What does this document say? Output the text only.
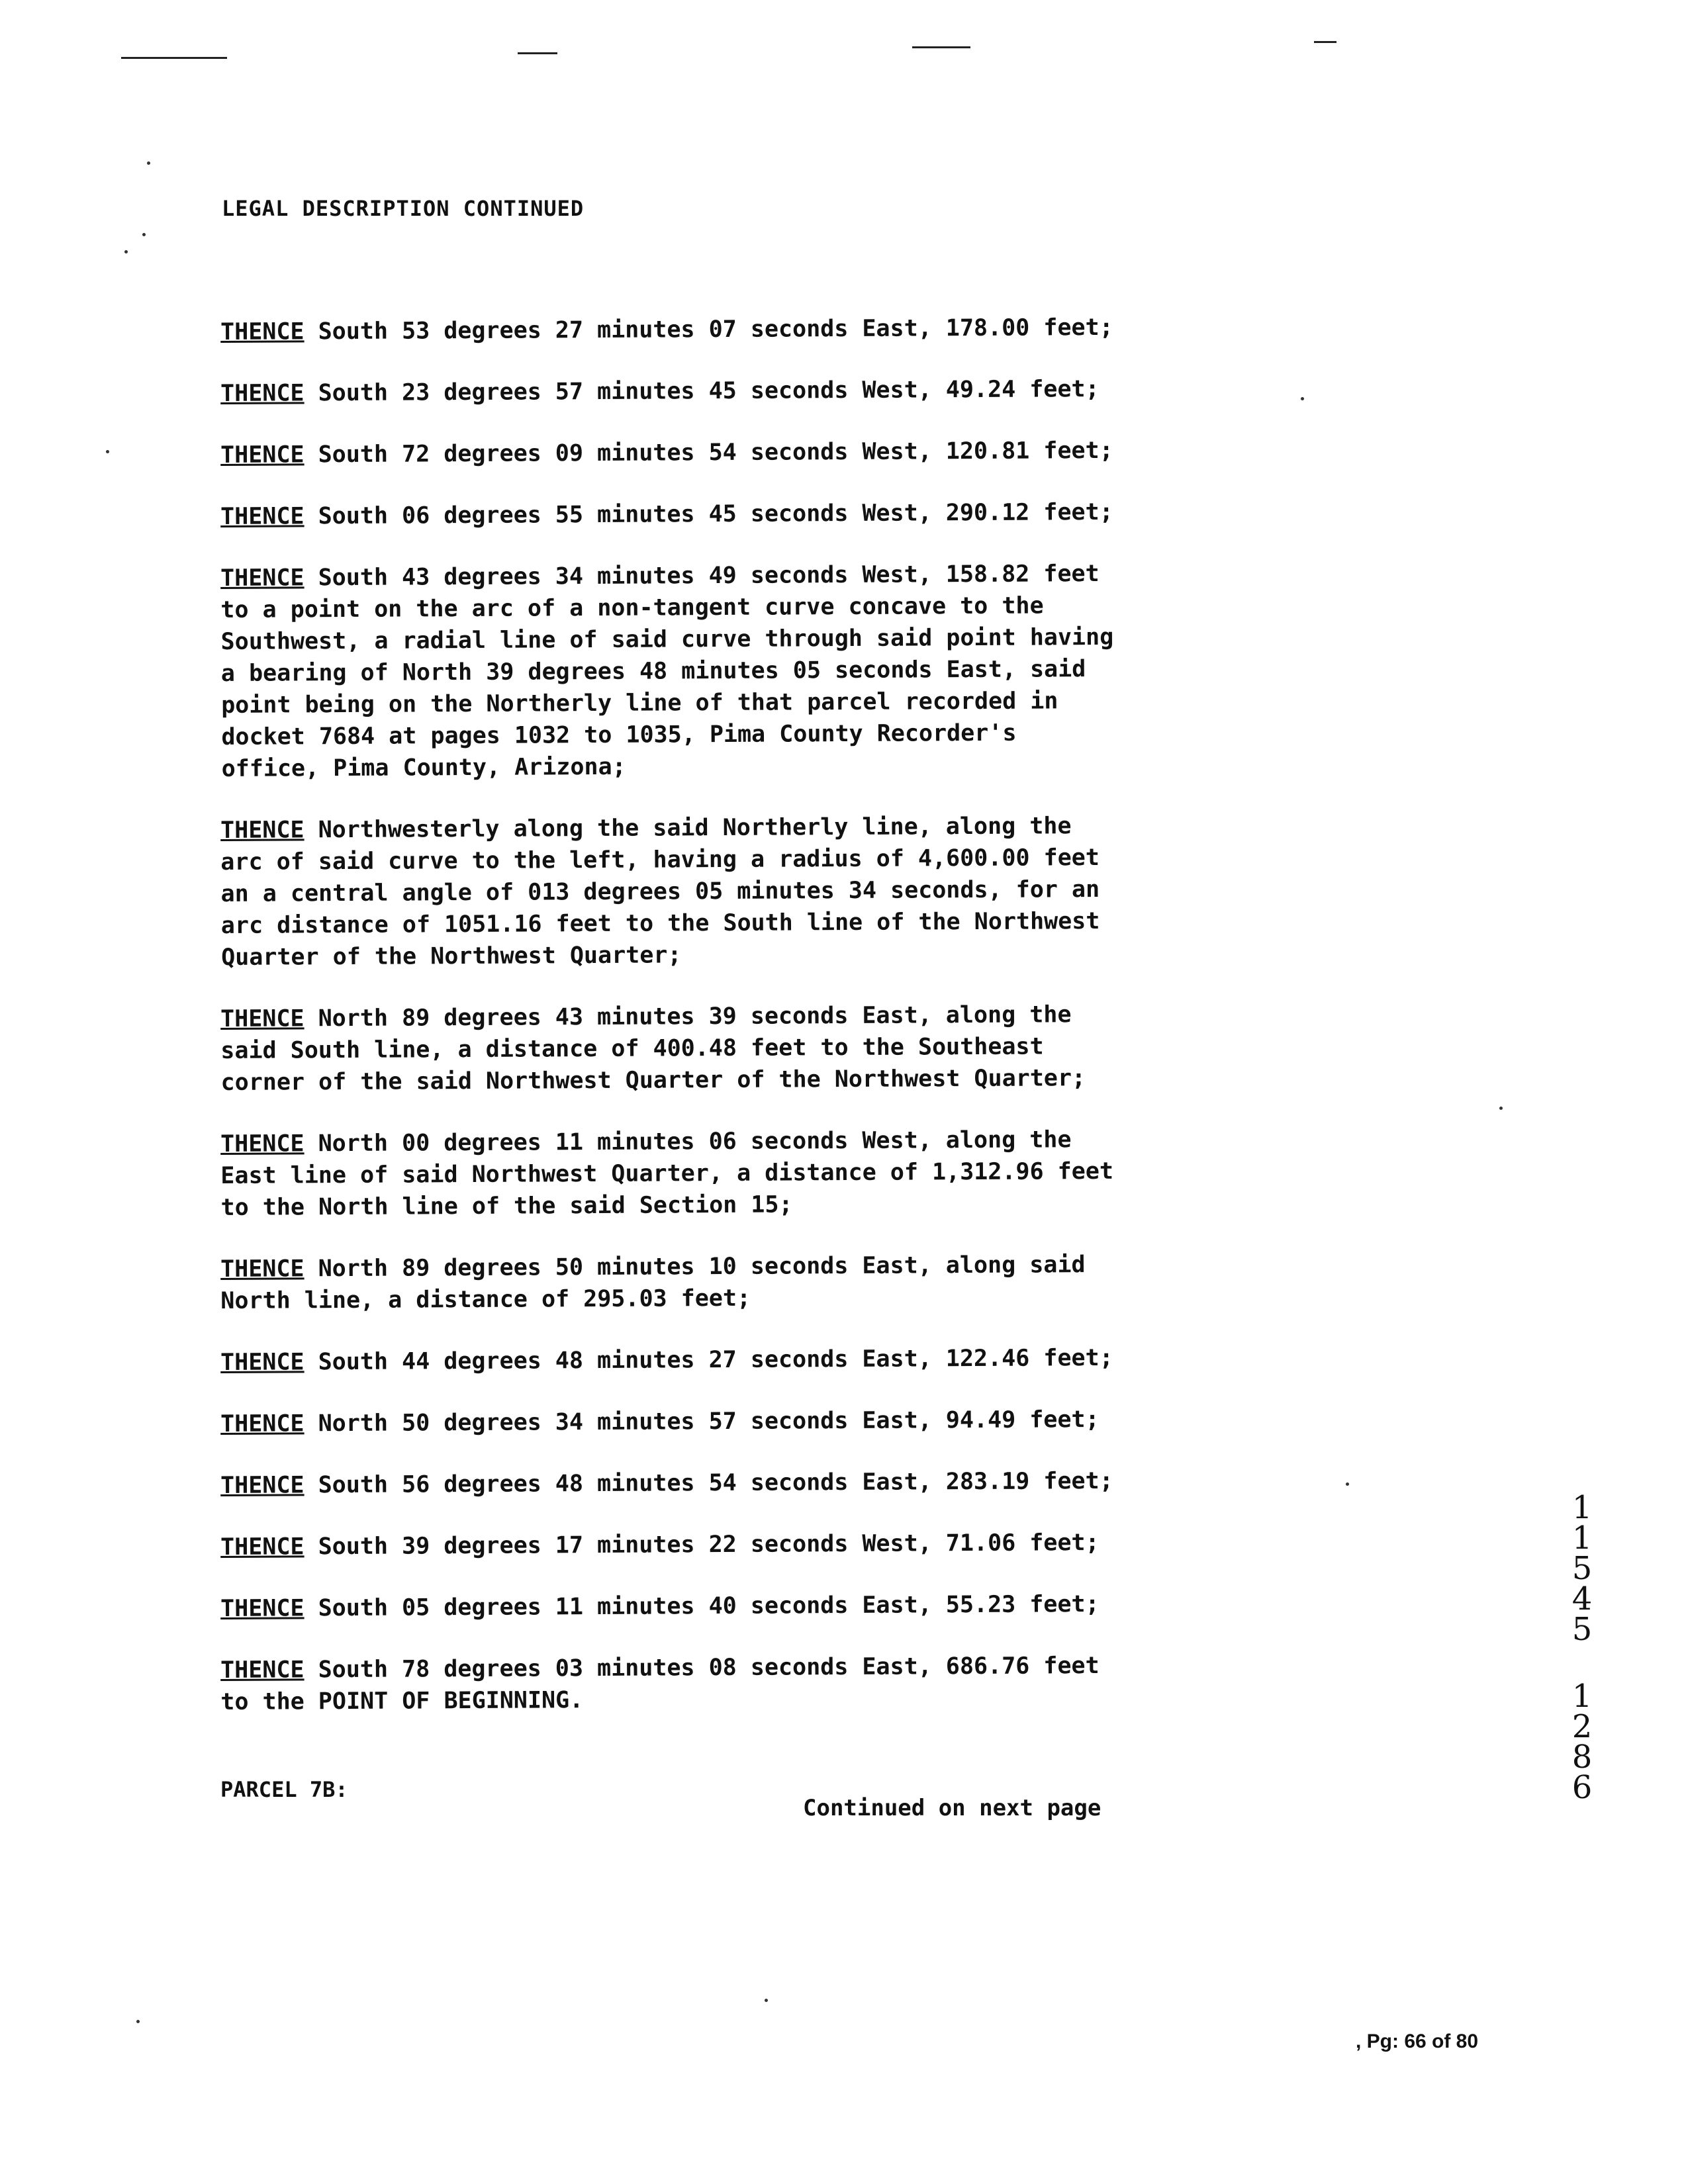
LEGAL DESCRIPTION CONTINUED
THENCE South 53 degrees 27 minutes 07 seconds East, 178.00 feet;
THENCE South 23 degrees 57 minutes 45 seconds West, 49.24 feet;
THENCE South 72 degrees 09 minutes 54 seconds West, 120.81 feet;
THENCE South 06 degrees 55 minutes 45 seconds West, 290.12 feet;
THENCE South 43 degrees 34 minutes 49 seconds West, 158.82 feet
to a point on the arc of a non-tangent curve concave to the
Southwest, a radial line of said curve through said point having
a bearing of North 39 degrees 48 minutes 05 seconds East, said
point being on the Northerly line of that parcel recorded in
docket 7684 at pages 1032 to 1035, Pima County Recorder's
office, Pima County, Arizona;
THENCE Northwesterly along the said Northerly line, along the
arc of said curve to the left, having a radius of 4,600.00 feet
an a central angle of 013 degrees 05 minutes 34 seconds, for an
arc distance of 1051.16 feet to the South line of the Northwest
Quarter of the Northwest Quarter;
THENCE North 89 degrees 43 minutes 39 seconds East, along the
said South line, a distance of 400.48 feet to the Southeast
corner of the said Northwest Quarter of the Northwest Quarter;
THENCE North 00 degrees 11 minutes 06 seconds West, along the
East line of said Northwest Quarter, a distance of 1,312.96 feet
to the North line of the said Section 15;
THENCE North 89 degrees 50 minutes 10 seconds East, along said
North line, a distance of 295.03 feet;
THENCE South 44 degrees 48 minutes 27 seconds East, 122.46 feet;
THENCE North 50 degrees 34 minutes 57 seconds East, 94.49 feet;
THENCE South 56 degrees 48 minutes 54 seconds East, 283.19 feet;
THENCE South 39 degrees 17 minutes 22 seconds West, 71.06 feet;
THENCE South 05 degrees 11 minutes 40 seconds East, 55.23 feet;
THENCE South 78 degrees 03 minutes 08 seconds East, 686.76 feet
to the POINT OF BEGINNING.
PARCEL 7B:
Continued on next page
1
1
5
4
5
1
2
8
6
, Pg: 66 of 80
